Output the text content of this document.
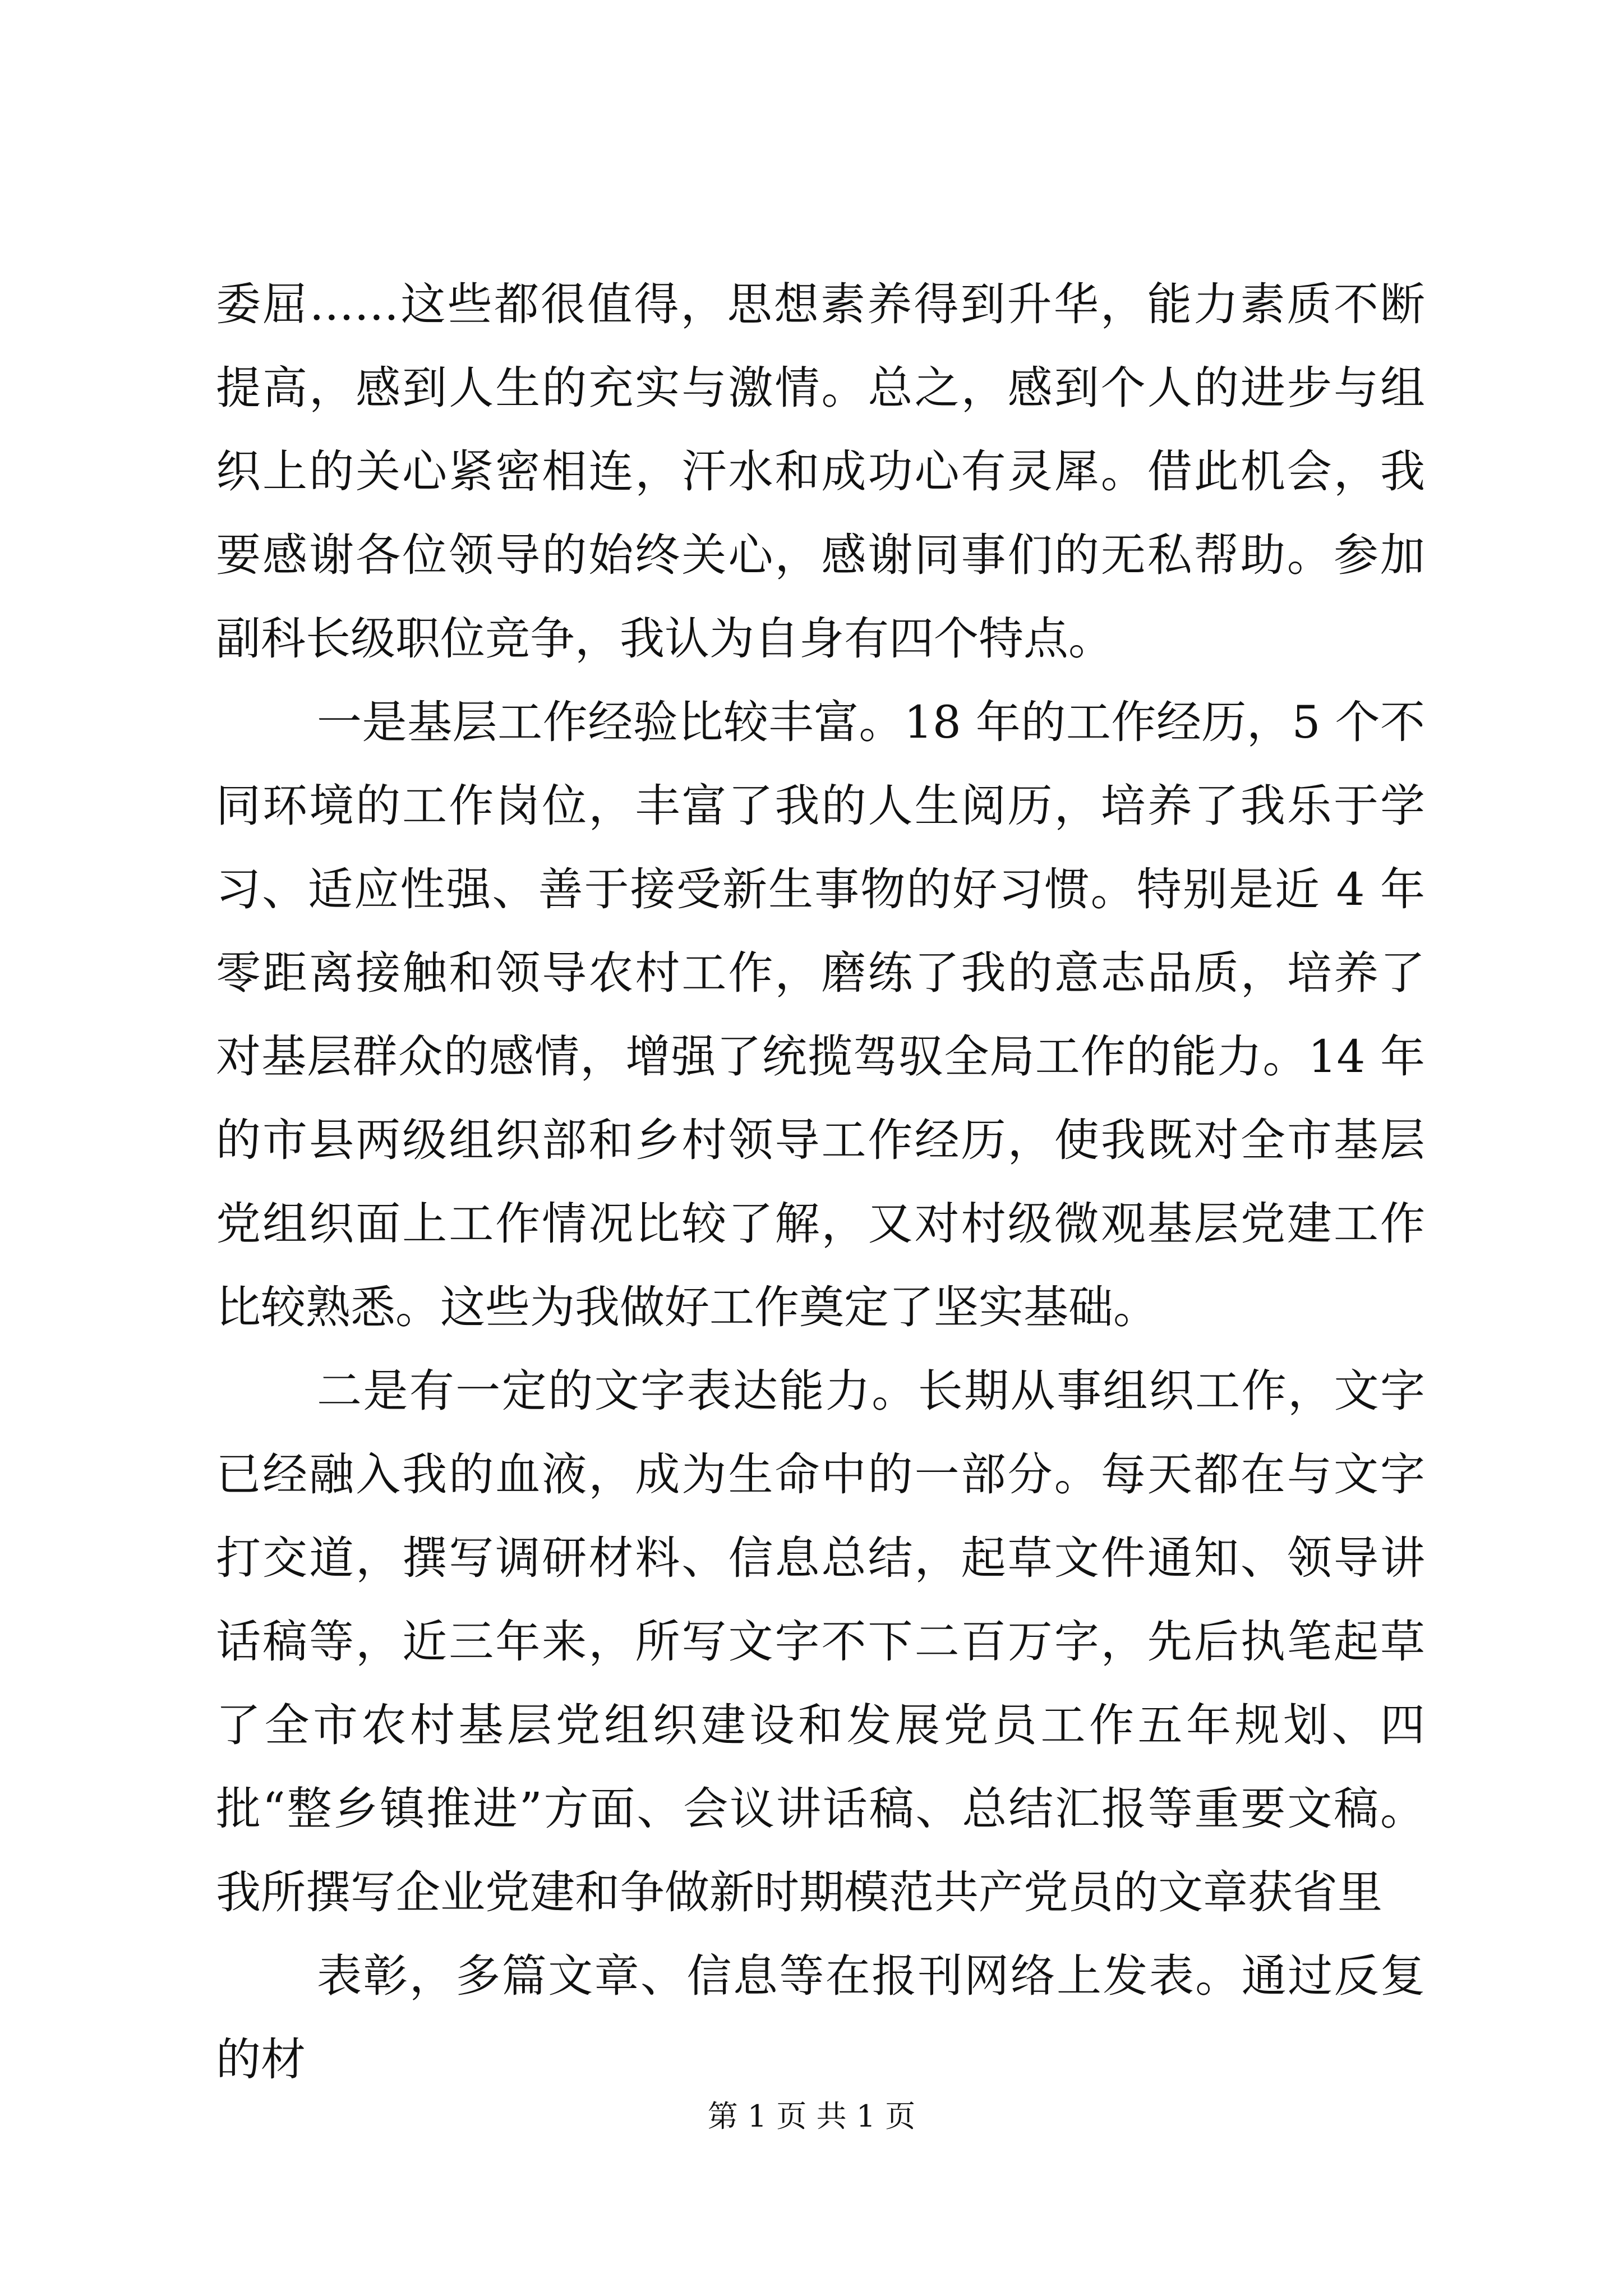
委屈……这些都很值得，思想素养得到升华，能力素质不断提高，感到人生的充实与激情。总之，感到个人的进步与组织上的关心紧密相连，汗水和成功心有灵犀。借此机会，我要感谢各位领导的始终关心，感谢同事们的无私帮助。参加副科长级职位竞争，我认为自身有四个特点。

一是基层工作经验比较丰富。18 年的工作经历，5 个不同环境的工作岗位，丰富了我的人生阅历，培养了我乐于学习、适应性强、善于接受新生事物的好习惯。特别是近 4 年零距离接触和领导农村工作，磨练了我的意志品质，培养了对基层群众的感情，增强了统揽驾驭全局工作的能力。14 年的市县两级组织部和乡村领导工作经历，使我既对全市基层党组织面上工作情况比较了解，又对村级微观基层党建工作比较熟悉。这些为我做好工作奠定了坚实基础。

二是有一定的文字表达能力。长期从事组织工作，文字已经融入我的血液，成为生命中的一部分。每天都在与文字打交道，撰写调研材料、信息总结，起草文件通知、领导讲话稿等，近三年来，所写文字不下二百万字，先后执笔起草了全市农村基层党组织建设和发展党员工作五年规划、四批“整乡镇推进”方面、会议讲话稿、总结汇报等重要文稿。我所撰写企业党建和争做新时期模范共产党员的文章获省里

表彰，多篇文章、信息等在报刊网络上发表。通过反复的材

第 1 页 共 1 页
